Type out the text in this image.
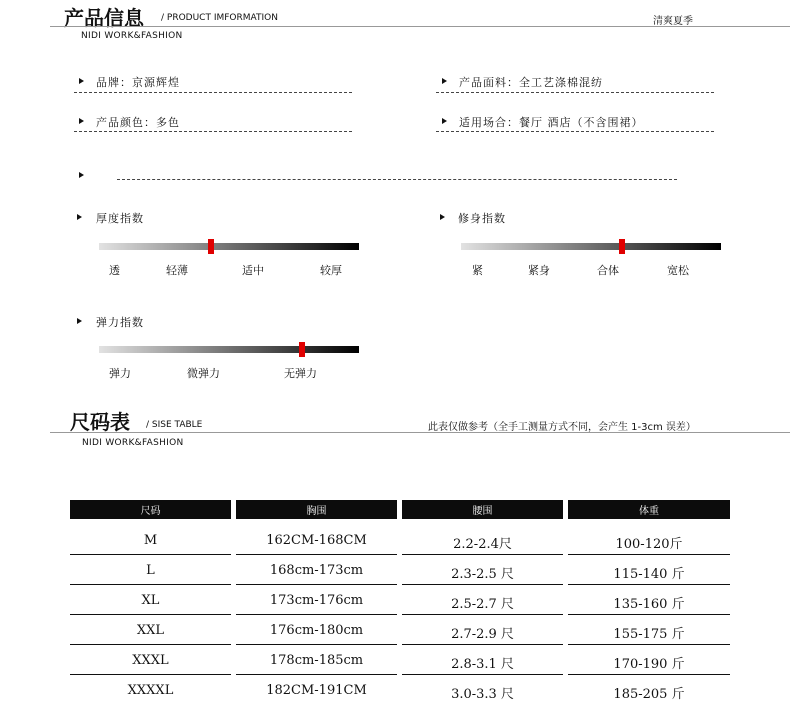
产品信息 / PRODUCT IMFORMATION	清爽夏季
NIDI WORK&FASHION
品牌：京源辉煌	产品面料：全工艺涤棉混纺
产品颜色：多色	适用场合：餐厅 酒店（不含围裙）
厚度指数
透	轻薄	适中	较厚
修身指数
紧	紧身	合体	宽松
弹力指数
弹力	微弹力	无弹力
尺码表 / SISE TABLE	此表仅做参考（全手工测量方式不同，会产生 1-3cm 误差）
NIDI WORK&FASHION
尺码	胸围	腰围	体重
M	162CM-168CM	2.2-2.4尺	100-120斤
L	168cm-173cm	2.3-2.5 尺	115-140 斤
XL	173cm-176cm	2.5-2.7 尺	135-160 斤
XXL	176cm-180cm	2.7-2.9 尺	155-175 斤
XXXL	178cm-185cm	2.8-3.1 尺	170-190 斤
XXXXL	182CM-191CM	3.0-3.3 尺	185-205 斤
